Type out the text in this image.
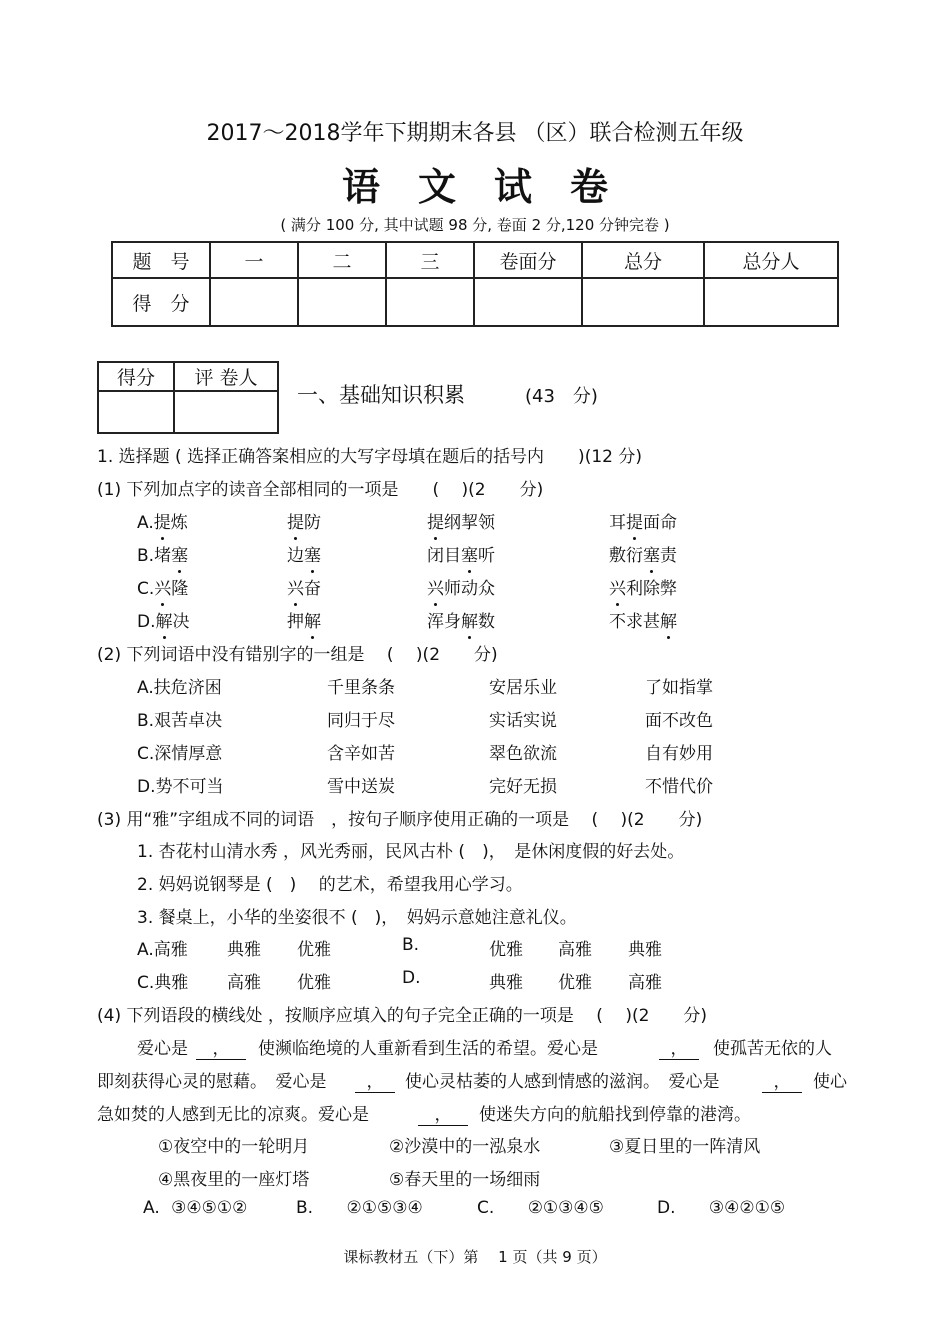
2017～2018学年下期期末各县 （区）联合检测五年级
语　文　试　卷
( 满分 100 分, 其中试题 98 分, 卷面 2 分,120 分钟完卷 )
题　号	一	二	三	卷面分	总分	总分人
得　分						
得分	评 卷人

一、基础知识积累	(43　分)
1. 选择题 ( 选择正确答案相应的大写字母填在题后的括号内　　)(12 分)
(1) 下列加点字的读音全部相同的一项是　　(　 )(2　　分)
A.提炼	提防	提纲挈领	耳提面命
B.堵塞	边塞	闭目塞听	敷衍塞责
C.兴隆	兴奋	兴师动众	兴利除弊
D.解决	押解	浑身解数	不求甚解
(2) 下列词语中没有错别字的一组是　 (　 )(2　　分)
A.扶危济困	千里条条	安居乐业	了如指掌
B.艰苦卓决	同归于尽	实话实说	面不改色
C.深情厚意	含辛如苦	翠色欲流	自有妙用
D.势不可当	雪中送炭	完好无损	不惜代价
(3) 用“雅”字组成不同的词语　，按句子顺序使用正确的一项是　 (　 )(2　　分)
1. 杏花村山清水秀 ，风光秀丽，民风古朴 (　)，　是休闲度假的好去处。
2. 妈妈说钢琴是 (　)　 的艺术，希望我用心学习。
3. 餐桌上，小华的坐姿很不 (　)，　妈妈示意她注意礼仪。
A.高雅 典雅 优雅	B.	优雅 高雅 典雅
C.典雅 高雅 优雅	D.	典雅 优雅 高雅
(4) 下列语段的横线处 ，按顺序应填入的句子完全正确的一项是　 (　 )(2　　分)
爱心是	，	使濒临绝境的人重新看到生活的希望。爱心是	，	使孤苦无依的人
即刻获得心灵的慰藉。　爱心是	，	使心灵枯萎的人感到情感的滋润。　爱心是	，	使心
急如焚的人感到无比的凉爽。爱心是	，	使迷失方向的航船找到停靠的港湾。
①夜空中的一轮明月	②沙漠中的一泓泉水	③夏日里的一阵清风
④黑夜里的一座灯塔	⑤春天里的一场细雨
A. ③④⑤①②	B. ②①⑤③④	C. ②①③④⑤	D. ③④②①⑤
课标教材五（下）第　 1 页（共 9 页）
